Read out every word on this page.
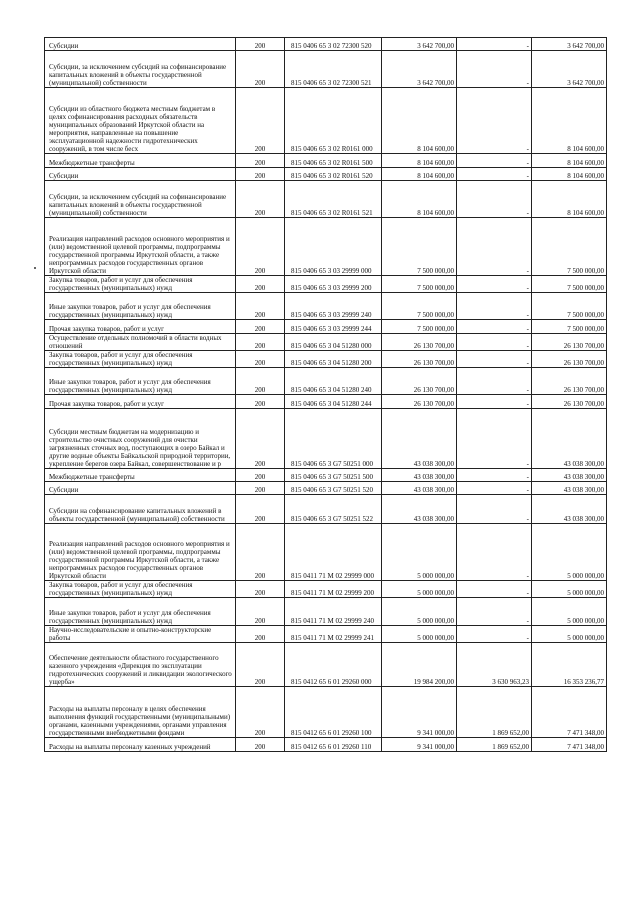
Субсидии	200	815 0406 65 3 02 72300 520	3 642 700,00	-	3 642 700,00
Субсидии, за исключением субсидий на софинансирование капитальных вложений в объекты государственной (муниципальной) собственности	200	815 0406 65 3 02 72300 521	3 642 700,00	-	3 642 700,00
Субсидии из областного бюджета местным бюджетам в целях софинансирования расходных обязательств муниципальных образований Иркутской области на мероприятия, направленные на повышение эксплуатационной надежности гидротехнических сооружений, в том числе бесх	200	815 0406 65 3 02 R0161 000	8 104 600,00	-	8 104 600,00
Межбюджетные трансферты	200	815 0406 65 3 02 R0161 500	8 104 600,00	-	8 104 600,00
Субсидии	200	815 0406 65 3 02 R0161 520	8 104 600,00	-	8 104 600,00
Субсидии, за исключением субсидий на софинансирование капитальных вложений в объекты государственной (муниципальной) собственности	200	815 0406 65 3 02 R0161 521	8 104 600,00	-	8 104 600,00
Реализация направлений расходов основного мероприятия и (или) ведомственной целевой программы, подпрограммы государственной программы Иркутской области, а также непрограммных расходов государственных органов Иркутской области	200	815 0406 65 3 03 29999 000	7 500 000,00	-	7 500 000,00
Закупка товаров, работ и услуг для обеспечения государственных (муниципальных) нужд	200	815 0406 65 3 03 29999 200	7 500 000,00	-	7 500 000,00
Иные закупки товаров, работ и услуг для обеспечения государственных (муниципальных) нужд	200	815 0406 65 3 03 29999 240	7 500 000,00	-	7 500 000,00
Прочая закупка товаров, работ и услуг	200	815 0406 65 3 03 29999 244	7 500 000,00	-	7 500 000,00
Осуществление отдельных полномочий в области водных отношений	200	815 0406 65 3 04 51280 000	26 130 700,00	-	26 130 700,00
Закупка товаров, работ и услуг для обеспечения государственных (муниципальных) нужд	200	815 0406 65 3 04 51280 200	26 130 700,00	-	26 130 700,00
Иные закупки товаров, работ и услуг для обеспечения государственных (муниципальных) нужд	200	815 0406 65 3 04 51280 240	26 130 700,00	-	26 130 700,00
Прочая закупка товаров, работ и услуг	200	815 0406 65 3 04 51280 244	26 130 700,00	-	26 130 700,00
Субсидии местным бюджетам на модернизацию и строительство очистных сооружений для очистки загрязненных сточных вод, поступающих в озеро Байкал и другие водные объекты Байкальской природной территории, укрепление берегов озера Байкал, совершенствование и р	200	815 0406 65 3 G7 50251 000	43 038 300,00	-	43 038 300,00
Межбюджетные трансферты	200	815 0406 65 3 G7 50251 500	43 038 300,00	-	43 038 300,00
Субсидии	200	815 0406 65 3 G7 50251 520	43 038 300,00	-	43 038 300,00
Субсидии на софинансирование капитальных вложений в объекты государственной (муниципальной) собственности	200	815 0406 65 3 G7 50251 522	43 038 300,00	-	43 038 300,00
Реализация направлений расходов основного мероприятия и (или) ведомственной целевой программы, подпрограммы государственной программы Иркутской области, а также непрограммных расходов государственных органов Иркутской области	200	815 0411 71 M 02 29999 000	5 000 000,00	-	5 000 000,00
Закупка товаров, работ и услуг для обеспечения государственных (муниципальных) нужд	200	815 0411 71 M 02 29999 200	5 000 000,00	-	5 000 000,00
Иные закупки товаров, работ и услуг для обеспечения государственных (муниципальных) нужд	200	815 0411 71 M 02 29999 240	5 000 000,00	-	5 000 000,00
Научно-исследовательские и опытно-конструкторские работы	200	815 0411 71 M 02 29999 241	5 000 000,00	-	5 000 000,00
Обеспечение деятельности областного государственного казенного учреждения «Дирекция по эксплуатации гидротехнических сооружений и ликвидации экологического ущерба»	200	815 0412 65 6 01 29260 000	19 984 200,00	3 630 963,23	16 353 236,77
Расходы на выплаты персоналу в целях обеспечения выполнения функций государственными (муниципальными) органами, казенными учреждениями, органами управления государственными внебюджетными фондами	200	815 0412 65 6 01 29260 100	9 341 000,00	1 869 652,00	7 471 348,00
Расходы на выплаты персоналу казенных учреждений	200	815 0412 65 6 01 29260 110	9 341 000,00	1 869 652,00	7 471 348,00
